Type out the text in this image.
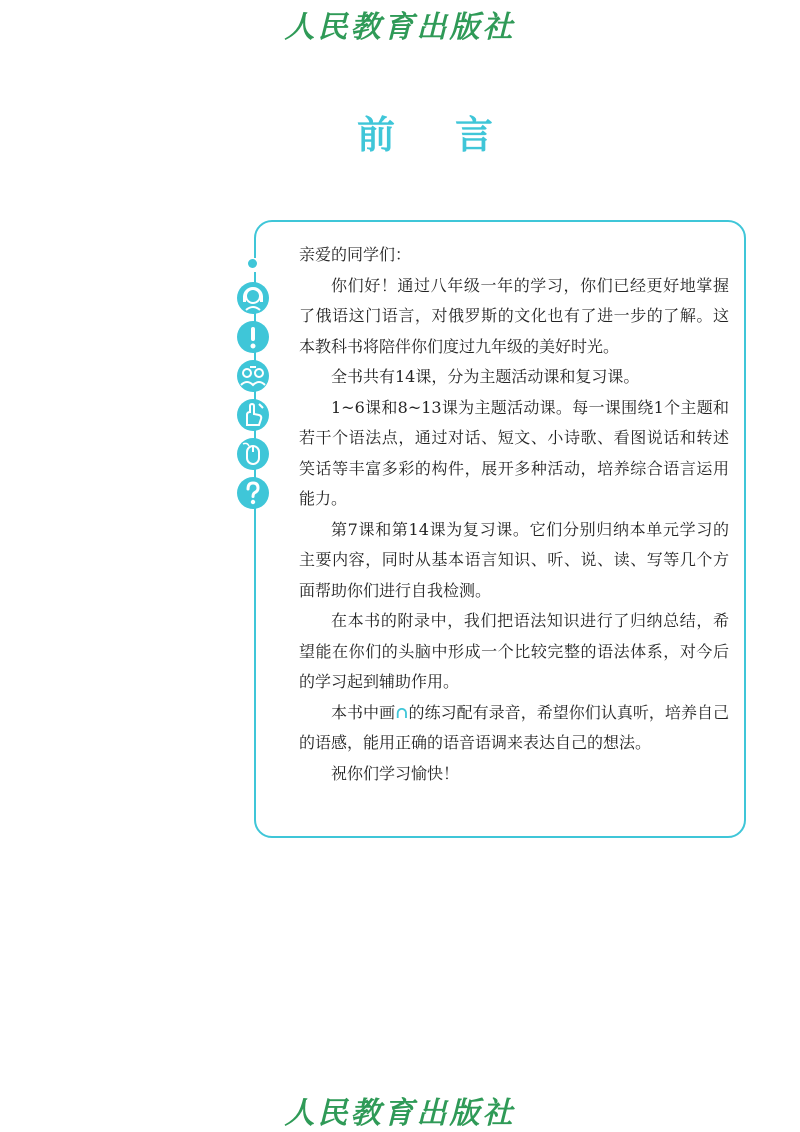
人民教育出版社
前言

亲爱的同学们：

你们好！通过八年级一年的学习，你们已经更好地掌握了俄语这门语言，对俄罗斯的文化也有了进一步的了解。这本教科书将陪伴你们度过九年级的美好时光。

全书共有14课，分为主题活动课和复习课。

1~6课和8~13课为主题活动课。每一课围绕1个主题和若干个语法点，通过对话、短文、小诗歌、看图说话和转述笑话等丰富多彩的构件，展开多种活动，培养综合语言运用能力。

第7课和第14课为复习课。它们分别归纳本单元学习的主要内容，同时从基本语言知识、听、说、读、写等几个方面帮助你们进行自我检测。

在本书的附录中，我们把语法知识进行了归纳总结，希望能在你们的头脑中形成一个比较完整的语法体系，对今后的学习起到辅助作用。

本书中画∩的练习配有录音，希望你们认真听，培养自己的语感，能用正确的语音语调来表达自己的想法。

祝你们学习愉快！

人民教育出版社
